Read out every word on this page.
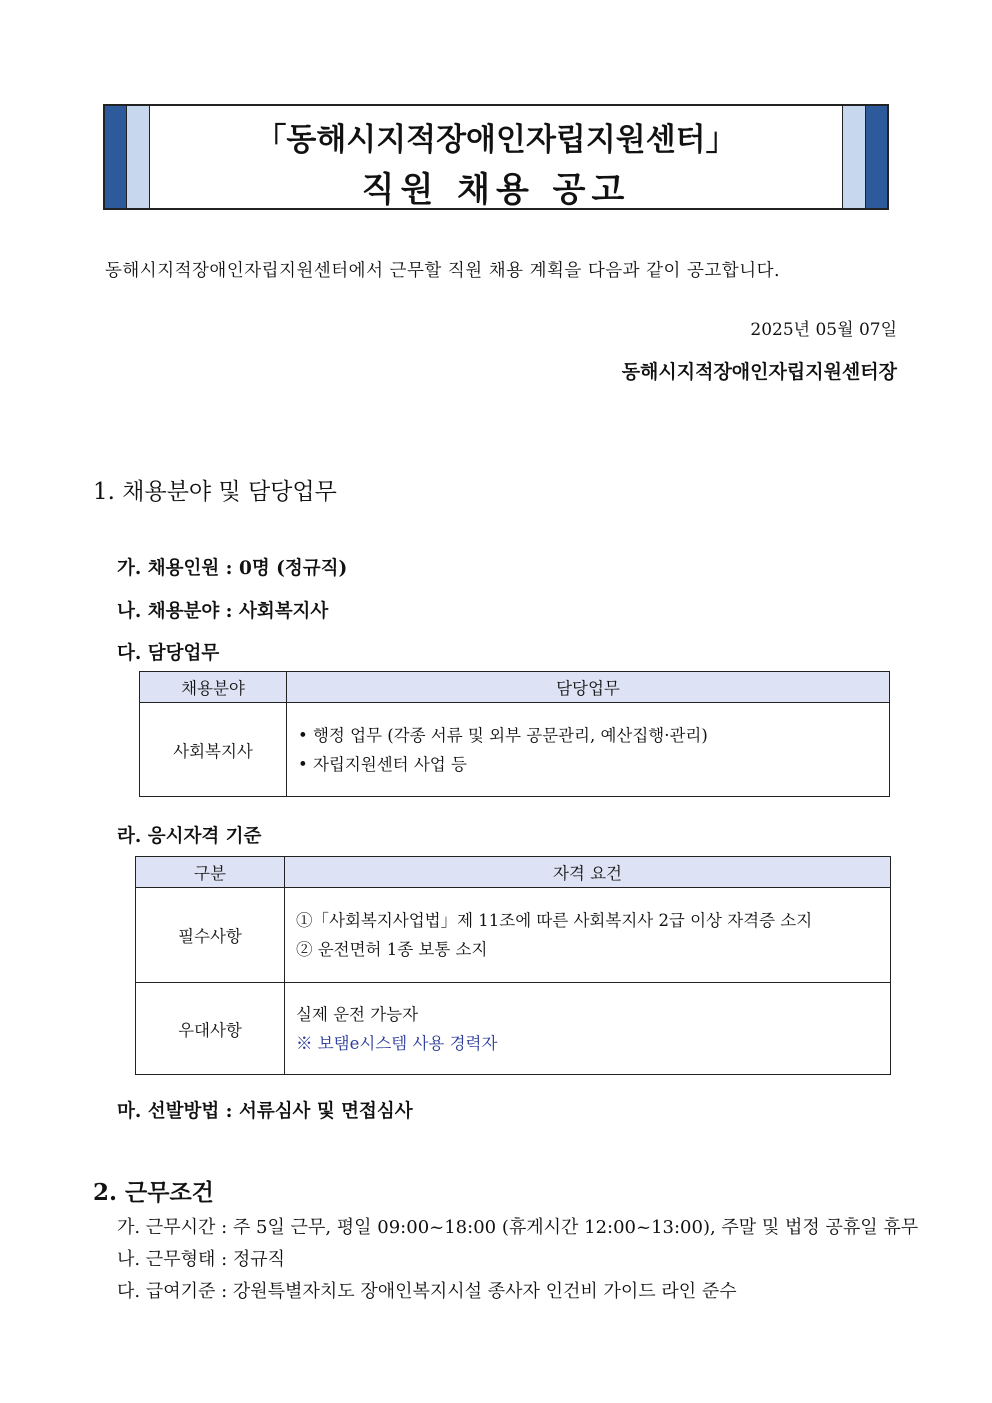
「동해시지적장애인자립지원센터」
직원 채용 공고
동해시지적장애인자립지원센터에서 근무할 직원 채용 계획을 다음과 같이 공고합니다.
2025년 05월 07일
동해시지적장애인자립지원센터장
1. 채용분야 및 담당업무
가. 채용인원 : 0명 (정규직)
나. 채용분야 : 사회복지사
다. 담당업무
채용분야	담당업무
사회복지사	• 행정 업무 (각종 서류 및 외부 공문관리, 예산집행·관리)
• 자립지원센터 사업 등
라. 응시자격 기준
구분	자격 요건
필수사항	①「사회복지사업법」제 11조에 따른 사회복지사 2급 이상 자격증 소지
② 운전면허 1종 보통 소지

우대사항	실제 운전 가능자
※ 보탬e시스템 사용 경력자
마. 선발방법 : 서류심사 및 면접심사
2. 근무조건
가. 근무시간 : 주 5일 근무, 평일 09:00~18:00 (휴게시간 12:00~13:00), 주말 및 법정 공휴일 휴무
나. 근무형태 : 정규직
다. 급여기준 : 강원특별자치도 장애인복지시설 종사자 인건비 가이드 라인 준수
